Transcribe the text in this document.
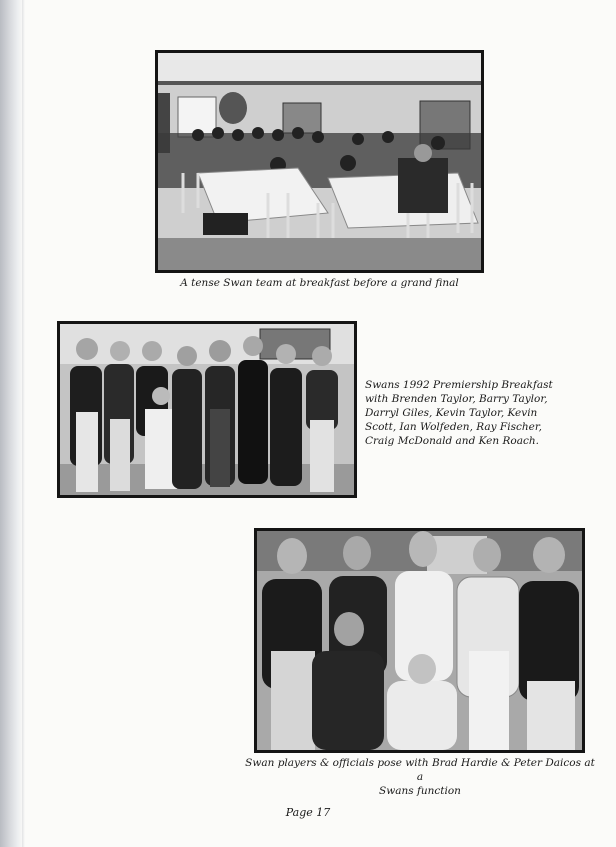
A tense Swan team at breakfast before a grand final
Swans 1992 Premiership Breakfast
with Brenden Taylor, Barry Taylor,
Darryl Giles, Kevin Taylor, Kevin
Scott, Ian Wolfeden, Ray Fischer,
Craig McDonald and Ken Roach.
Swan players & officials pose with Brad Hardie & Peter Daicos at a
Swans function
Page 17
